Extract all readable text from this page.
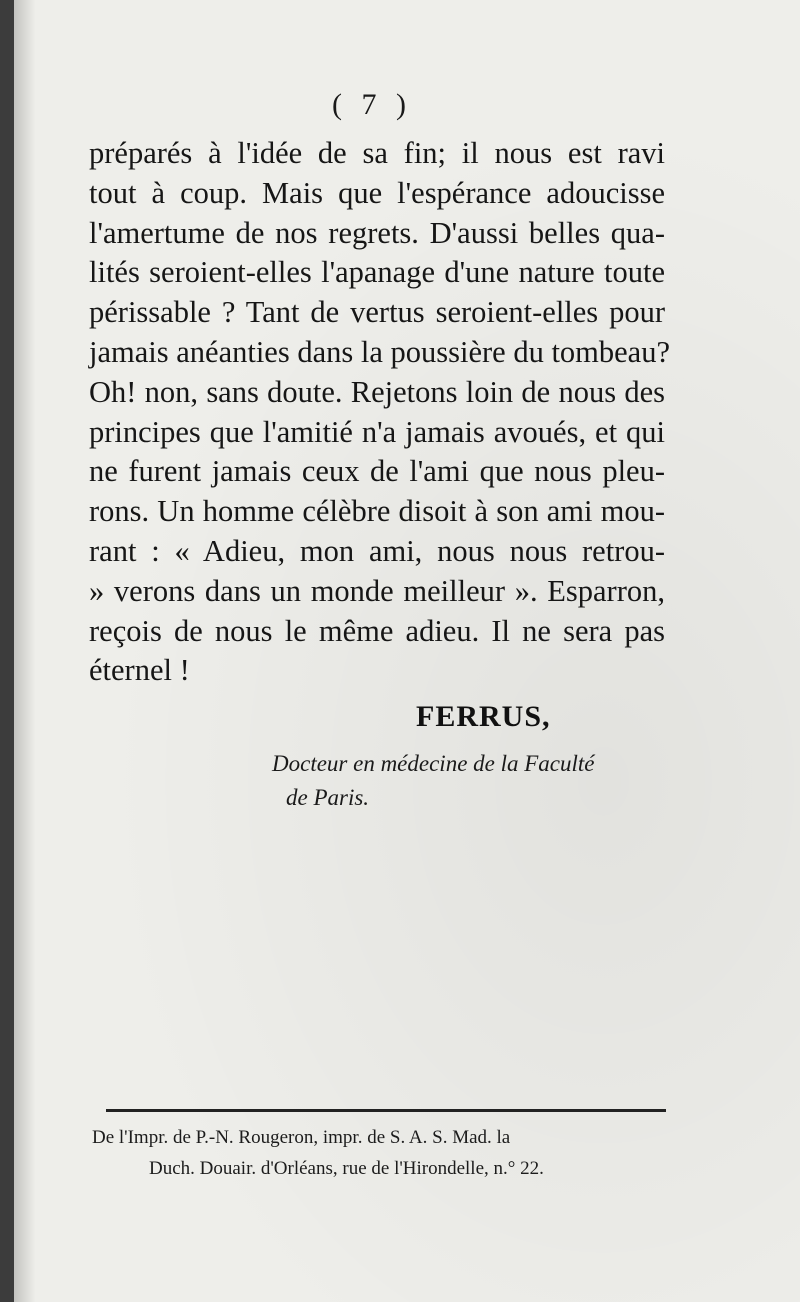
( 7 )
préparés à l'idée de sa fin; il nous est ravi
tout à coup. Mais que l'espérance adoucisse
l'amertume de nos regrets. D'aussi belles qua-
lités seroient-elles l'apanage d'une nature toute
périssable ? Tant de vertus seroient-elles pour
jamais anéanties dans la poussière du tombeau?
Oh! non, sans doute. Rejetons loin de nous des
principes que l'amitié n'a jamais avoués, et qui
ne furent jamais ceux de l'ami que nous pleu-
rons. Un homme célèbre disoit à son ami mou-
rant : « Adieu, mon ami, nous nous retrou-
» verons dans un monde meilleur ». Esparron,
reçois de nous le même adieu. Il ne sera pas
éternel !
FERRUS,
Docteur en médecine de la Faculté
de Paris.
De l'Impr. de P.-N. Rougeron, impr. de S. A. S. Mad. la
Duch. Douair. d'Orléans, rue de l'Hirondelle, n.° 22.
